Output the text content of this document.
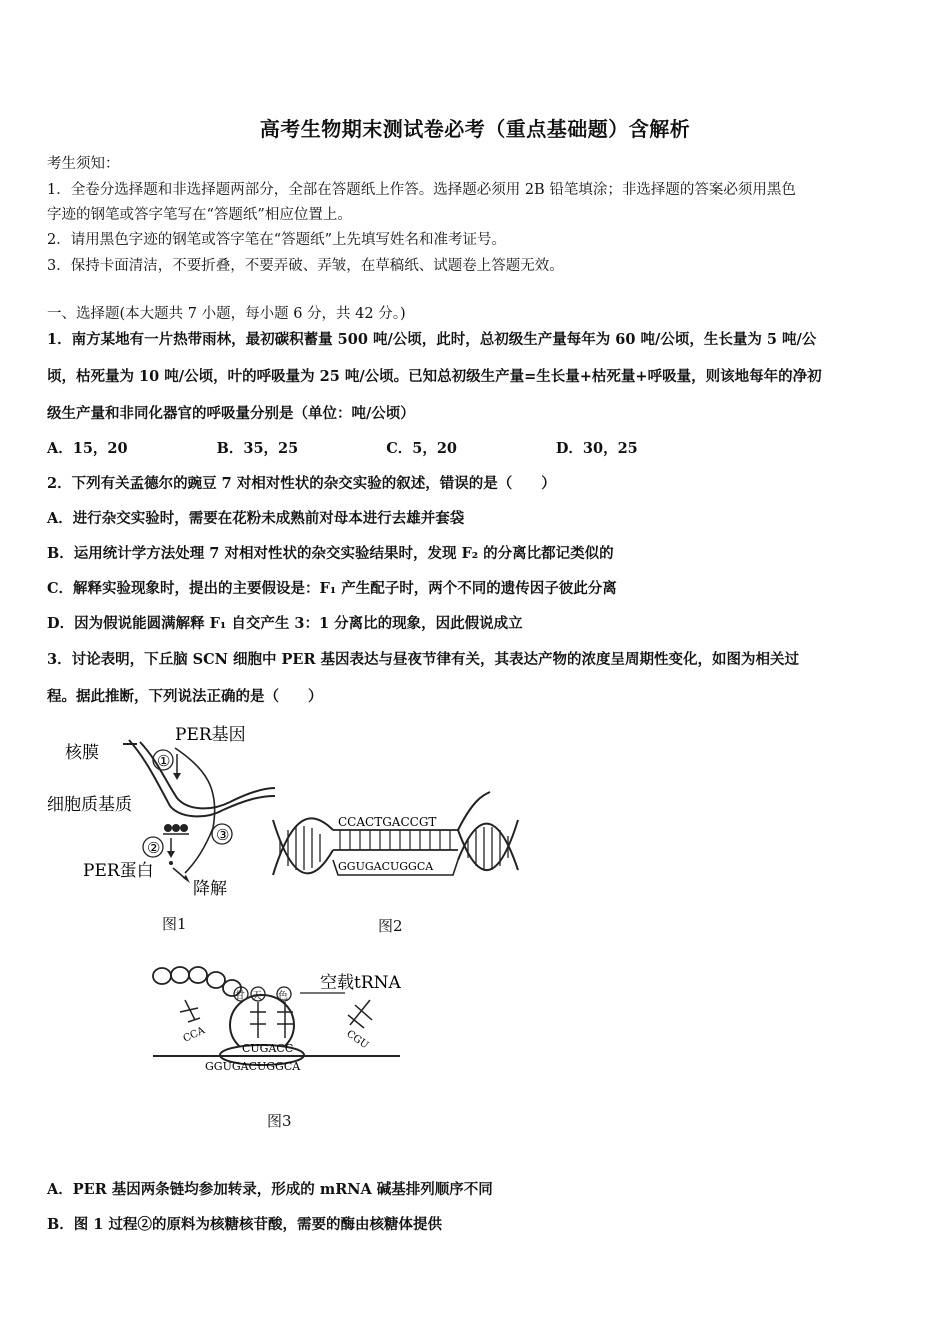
高考生物期末测试卷必考（重点基础题）含解析
考生须知：
1．全卷分选择题和非选择题两部分，全部在答题纸上作答。选择题必须用 2B 铅笔填涂；非选择题的答案必须用黑色
字迹的钢笔或答字笔写在“答题纸”相应位置上。
2．请用黑色字迹的钢笔或答字笔在“答题纸”上先填写姓名和准考证号。
3．保持卡面清洁，不要折叠，不要弄破、弄皱，在草稿纸、试题卷上答题无效。
一、选择题(本大题共 7 小题，每小题 6 分，共 42 分。)
1．南方某地有一片热带雨林，最初碳积蓄量 500 吨/公顷，此时，总初级生产量每年为 60 吨/公顷，生长量为 5 吨/公
顷，枯死量为 10 吨/公顷，叶的呼吸量为 25 吨/公顷。已知总初级生产量=生长量+枯死量+呼吸量，则该地每年的净初
级生产量和非同化器官的呼吸量分别是（单位：吨/公顷）
A．15，20	B．35，25	C．5，20	D．30，25
2．下列有关孟德尔的豌豆 7 对相对性状的杂交实验的叙述，错误的是（　　）
A．进行杂交实验时，需要在花粉未成熟前对母本进行去雄并套袋
B．运用统计学方法处理 7 对相对性状的杂交实验结果时，发现 F₂ 的分离比都记类似的
C．解释实验现象时，提出的主要假设是：F₁ 产生配子时，两个不同的遗传因子彼此分离
D．因为假说能圆满解释 F₁ 自交产生 3：1 分离比的现象，因此假说成立
3．讨论表明，下丘脑 SCN 细胞中 PER 基因表达与昼夜节律有关，其表达产物的浓度呈周期性变化，如图为相关过
程。据此推断，下列说法正确的是（　　）
PER基因
核膜	①
细胞质基质
②
③
PER蛋白
降解
图1
CCACTGACCGT
GGUGACUGGCA
图2
甘 天 色
空载tRNA
CCA	CGU
CUGACC
GGUGACUGGCA
图3
A．PER 基因两条链均参加转录，形成的 mRNA 碱基排列顺序不同
B．图 1 过程②的原料为核糖核苷酸，需要的酶由核糖体提供
